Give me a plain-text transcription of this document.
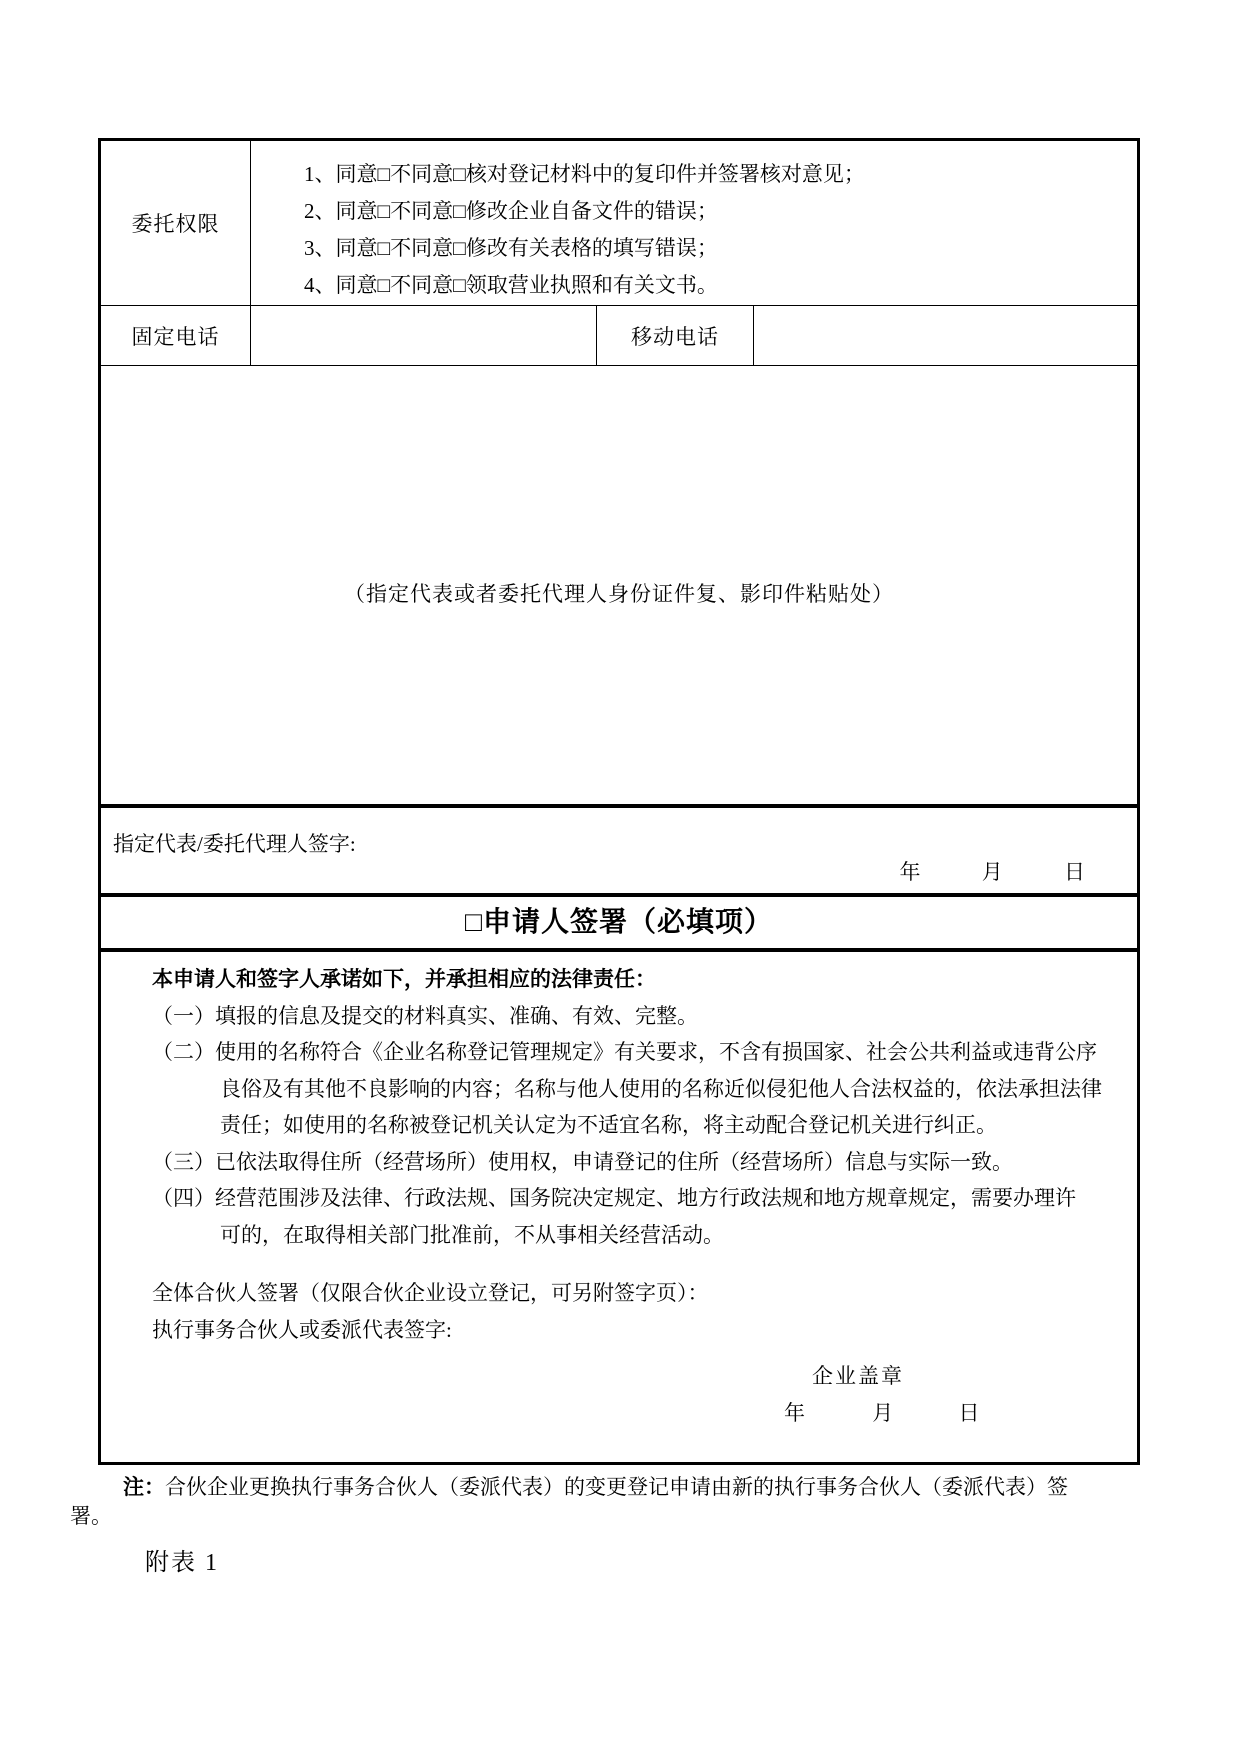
委托权限
1、同意□不同意□核对登记材料中的复印件并签署核对意见；
2、同意□不同意□修改企业自备文件的错误；
3、同意□不同意□修改有关表格的填写错误；
4、同意□不同意□领取营业执照和有关文书。
固定电话	移动电话
（指定代表或者委托代理人身份证件复、影印件粘贴处）
指定代表/委托代理人签字:
年	月	日
□申请人签署（必填项）
本申请人和签字人承诺如下，并承担相应的法律责任：
（一）填报的信息及提交的材料真实、准确、有效、完整。
（二）使用的名称符合《企业名称登记管理规定》有关要求，不含有损国家、社会公共利益或违背公序
良俗及有其他不良影响的内容；名称与他人使用的名称近似侵犯他人合法权益的，依法承担法律
责任；如使用的名称被登记机关认定为不适宜名称，将主动配合登记机关进行纠正。
（三）已依法取得住所（经营场所）使用权，申请登记的住所（经营场所）信息与实际一致。
（四）经营范围涉及法律、行政法规、国务院决定规定、地方行政法规和地方规章规定，需要办理许
可的，在取得相关部门批准前，不从事相关经营活动。
全体合伙人签署（仅限合伙企业设立登记，可另附签字页）：
执行事务合伙人或委派代表签字:
企业盖章
年	月	日
注：合伙企业更换执行事务合伙人（委派代表）的变更登记申请由新的执行事务合伙人（委派代表）签
署。
附表 1
